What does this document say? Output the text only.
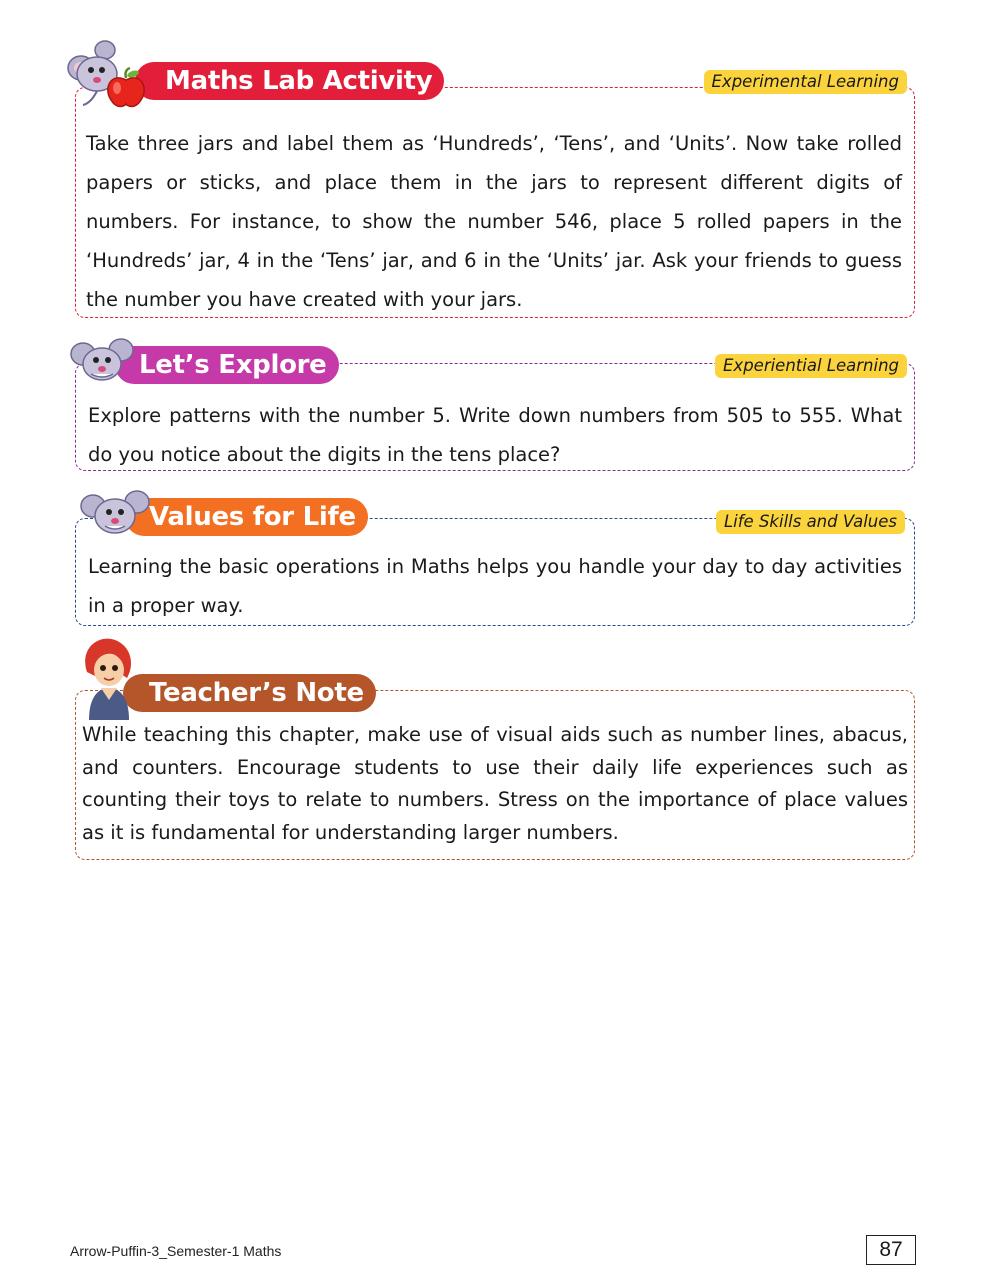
Take three jars and label them as ‘Hundreds’, ‘Tens’, and ‘Units’. Now take rolled papers or sticks, and place them in the jars to represent different digits of numbers. For instance, to show the number 546, place 5 rolled papers in the ‘Hundreds’ jar, 4 in the ‘Tens’ jar, and 6 in the ‘Units’ jar. Ask your friends to guess the number you have created with your jars.

Maths Lab Activity	Experimental Learning

Explore patterns with the number 5. Write down numbers from 505 to 555. What do you notice about the digits in the tens place?

Let’s Explore	Experiential Learning

Learning the basic operations in Maths helps you handle your day to day activities in a proper way.

Values for Life	Life Skills and Values

While teaching this chapter, make use of visual aids such as number lines, abacus, and counters. Encourage students to use their daily life experiences such as counting their toys to relate to numbers. Stress on the importance of place values as it is fundamental for understanding larger numbers.

Teacher’s Note
Arrow-Puffin-3_Semester-1 Maths	87
